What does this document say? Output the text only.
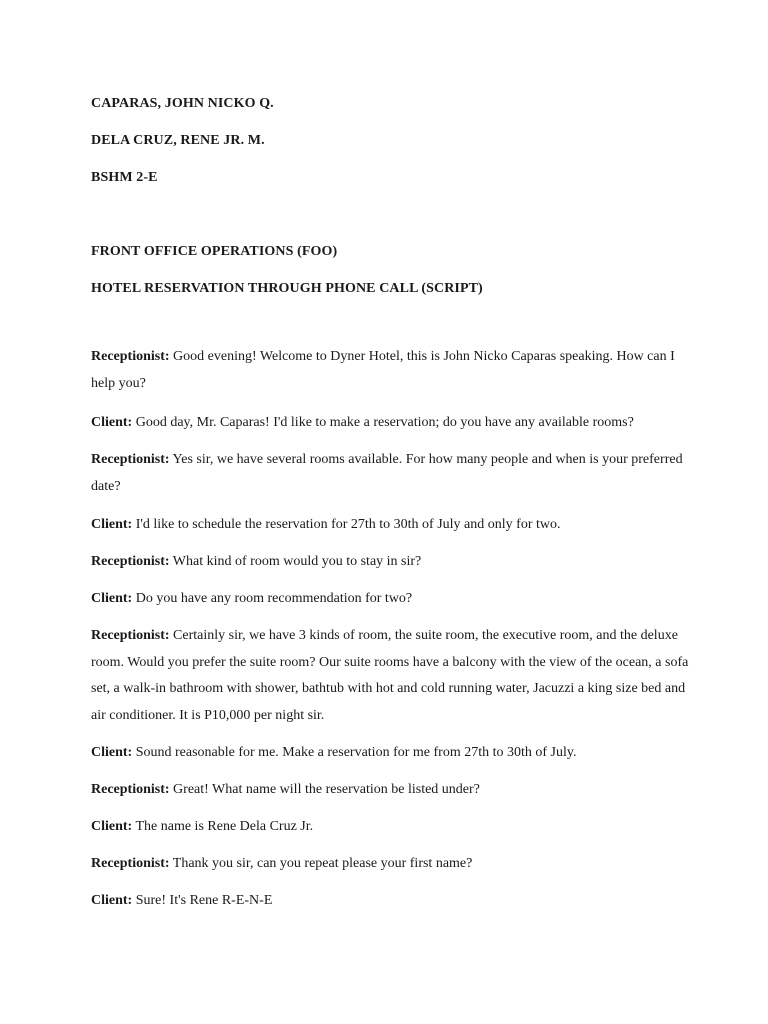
CAPARAS, JOHN NICKO Q.
DELA CRUZ, RENE JR. M.
BSHM 2-E
FRONT OFFICE OPERATIONS (FOO)
HOTEL RESERVATION THROUGH PHONE CALL (SCRIPT)

Receptionist: Good evening! Welcome to Dyner Hotel, this is John Nicko Caparas speaking. How can I help you?

Client: Good day, Mr. Caparas! I'd like to make a reservation; do you have any available rooms?

Receptionist: Yes sir, we have several rooms available. For how many people and when is your preferred date?

Client: I'd like to schedule the reservation for 27th to 30th of July and only for two.

Receptionist: What kind of room would you to stay in sir?

Client: Do you have any room recommendation for two?

Receptionist: Certainly sir, we have 3 kinds of room, the suite room, the executive room, and the deluxe room. Would you prefer the suite room? Our suite rooms have a balcony with the view of the ocean, a sofa set, a walk-in bathroom with shower, bathtub with hot and cold running water, Jacuzzi a king size bed and air conditioner. It is P10,000 per night sir.

Client: Sound reasonable for me. Make a reservation for me from 27th to 30th of July.

Receptionist: Great! What name will the reservation be listed under?

Client: The name is Rene Dela Cruz Jr.

Receptionist: Thank you sir, can you repeat please your first name?

Client: Sure! It's Rene R-E-N-E
